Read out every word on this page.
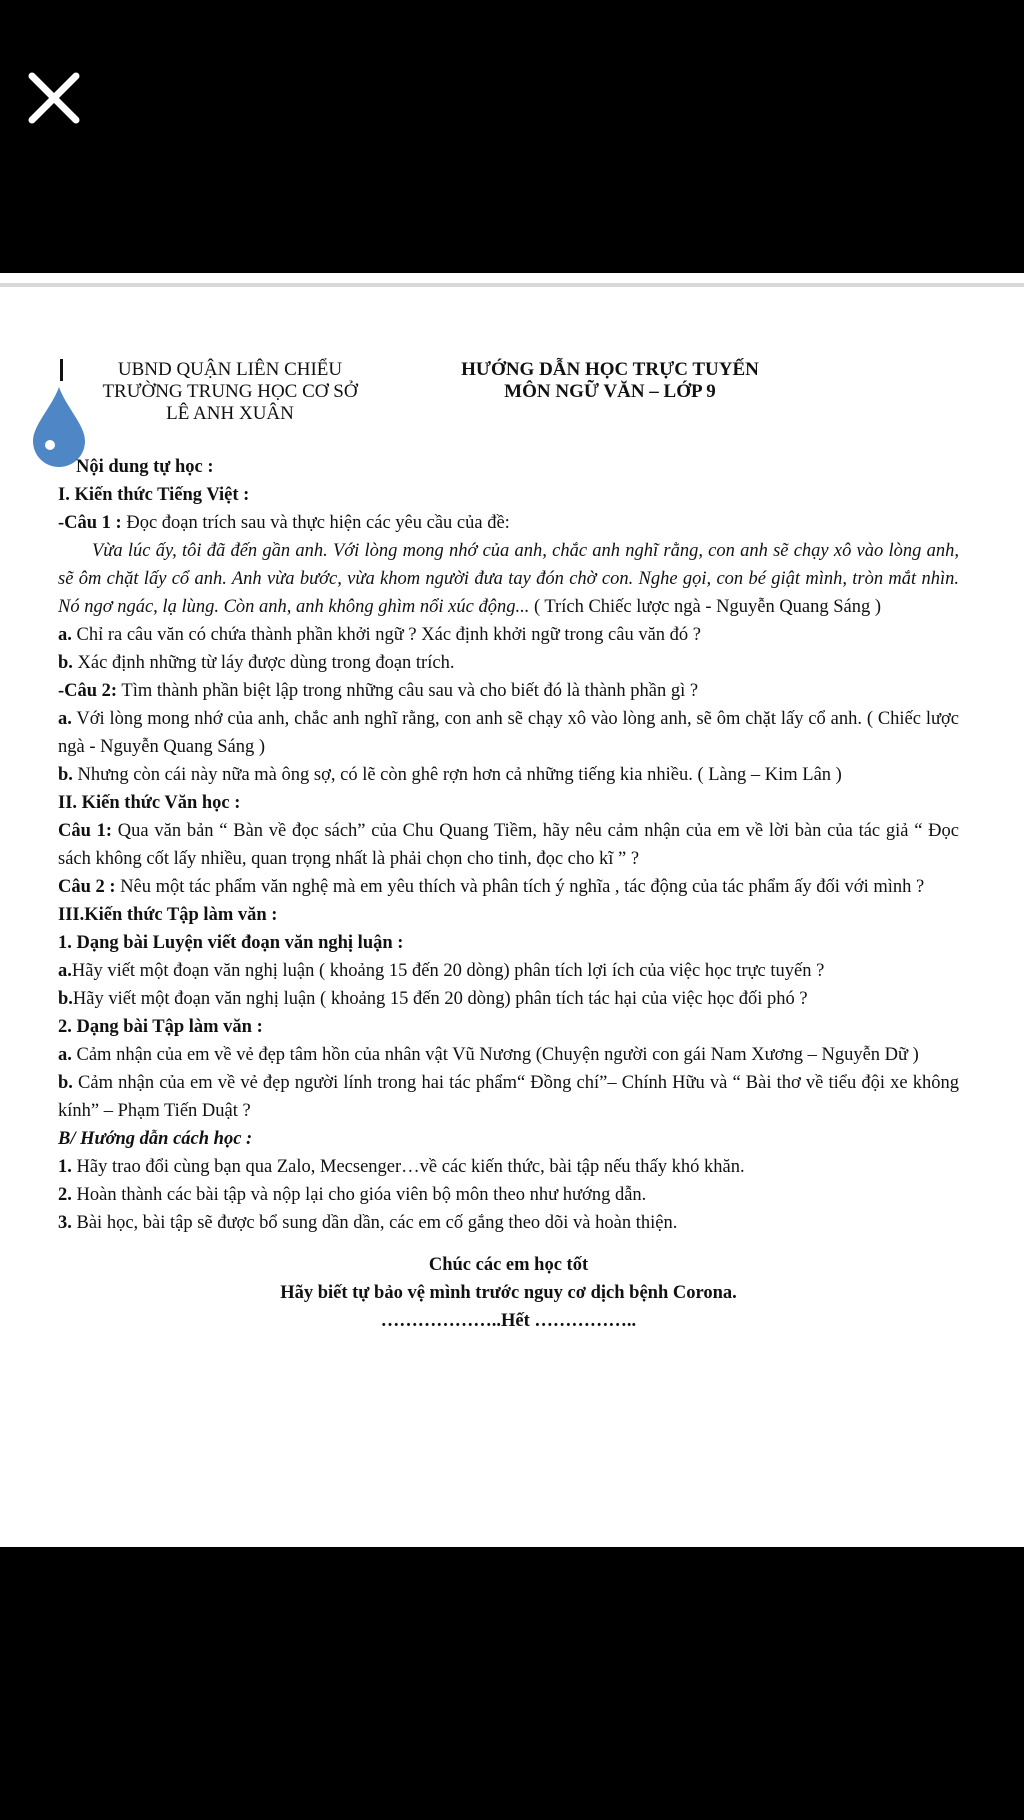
UBND QUẬN LIÊN CHIỂU
TRƯỜNG TRUNG HỌC CƠ SỞ
LÊ ANH XUÂN
HƯỚNG DẪN HỌC TRỰC TUYẾN
MÔN NGỮ VĂN – LỚP 9

Nội dung tự học :

I. Kiến thức Tiếng Việt :

-Câu 1 : Đọc đoạn trích sau và thực hiện các yêu cầu của đề:

Vừa lúc ấy, tôi đã đến gần anh. Với lòng mong nhớ của anh, chắc anh nghĩ rằng, con anh sẽ chạy xô vào lòng anh, sẽ ôm chặt lấy cổ anh. Anh vừa bước, vừa khom người đưa tay đón chờ con. Nghe gọi, con bé giật mình, tròn mắt nhìn. Nó ngơ ngác, lạ lùng. Còn anh, anh không ghìm nổi xúc động... ( Trích Chiếc lược ngà - Nguyễn Quang Sáng )

a. Chỉ ra câu văn có chứa thành phần khởi ngữ ? Xác định khởi ngữ trong câu văn đó ?

b. Xác định những từ láy được dùng trong đoạn trích.

-Câu 2: Tìm thành phần biệt lập trong những câu sau và cho biết đó là thành phần gì ?

a. Với lòng mong nhớ của anh, chắc anh nghĩ rằng, con anh sẽ chạy xô vào lòng anh, sẽ ôm chặt lấy cổ anh. ( Chiếc lược ngà - Nguyễn Quang Sáng )

b. Nhưng còn cái này nữa mà ông sợ, có lẽ còn ghê rợn hơn cả những tiếng kia nhiều. ( Làng – Kim Lân )

II. Kiến thức Văn học :

Câu 1: Qua văn bản “ Bàn về đọc sách” của Chu Quang Tiềm, hãy nêu cảm nhận của em về lời bàn của tác giả “ Đọc sách không cốt lấy nhiều, quan trọng nhất là phải chọn cho tinh, đọc cho kĩ ” ?

Câu 2 : Nêu một tác phẩm văn nghệ mà em yêu thích và phân tích ý nghĩa , tác động của tác phẩm ấy đối với mình ?

III.Kiến thức Tập làm văn :

1. Dạng bài Luyện viết đoạn văn nghị luận :

a.Hãy viết một đoạn văn nghị luận ( khoảng 15 đến 20 dòng) phân tích lợi ích của việc học trực tuyến ?

b.Hãy viết một đoạn văn nghị luận ( khoảng 15 đến 20 dòng) phân tích tác hại của việc học đối phó ?

2. Dạng bài Tập làm văn :

a. Cảm nhận của em về vẻ đẹp tâm hồn của nhân vật Vũ Nương (Chuyện người con gái Nam Xương – Nguyễn Dữ )

b. Cảm nhận của em về vẻ đẹp người lính trong hai tác phẩm“ Đồng chí”– Chính Hữu và “ Bài thơ về tiểu đội xe không kính” – Phạm Tiến Duật ?

B/ Hướng dẫn cách học :

1. Hãy trao đổi cùng bạn qua Zalo, Mecsenger…về các kiến thức, bài tập nếu thấy khó khăn.

2. Hoàn thành các bài tập và nộp lại cho gióa viên bộ môn theo như hướng dẫn.

3. Bài học, bài tập sẽ được bổ sung dần dần, các em cố gắng theo dõi và hoàn thiện.

Chúc các em học tốt

Hãy biết tự bảo vệ mình trước nguy cơ dịch bệnh Corona.

………………..Hết ……………..
